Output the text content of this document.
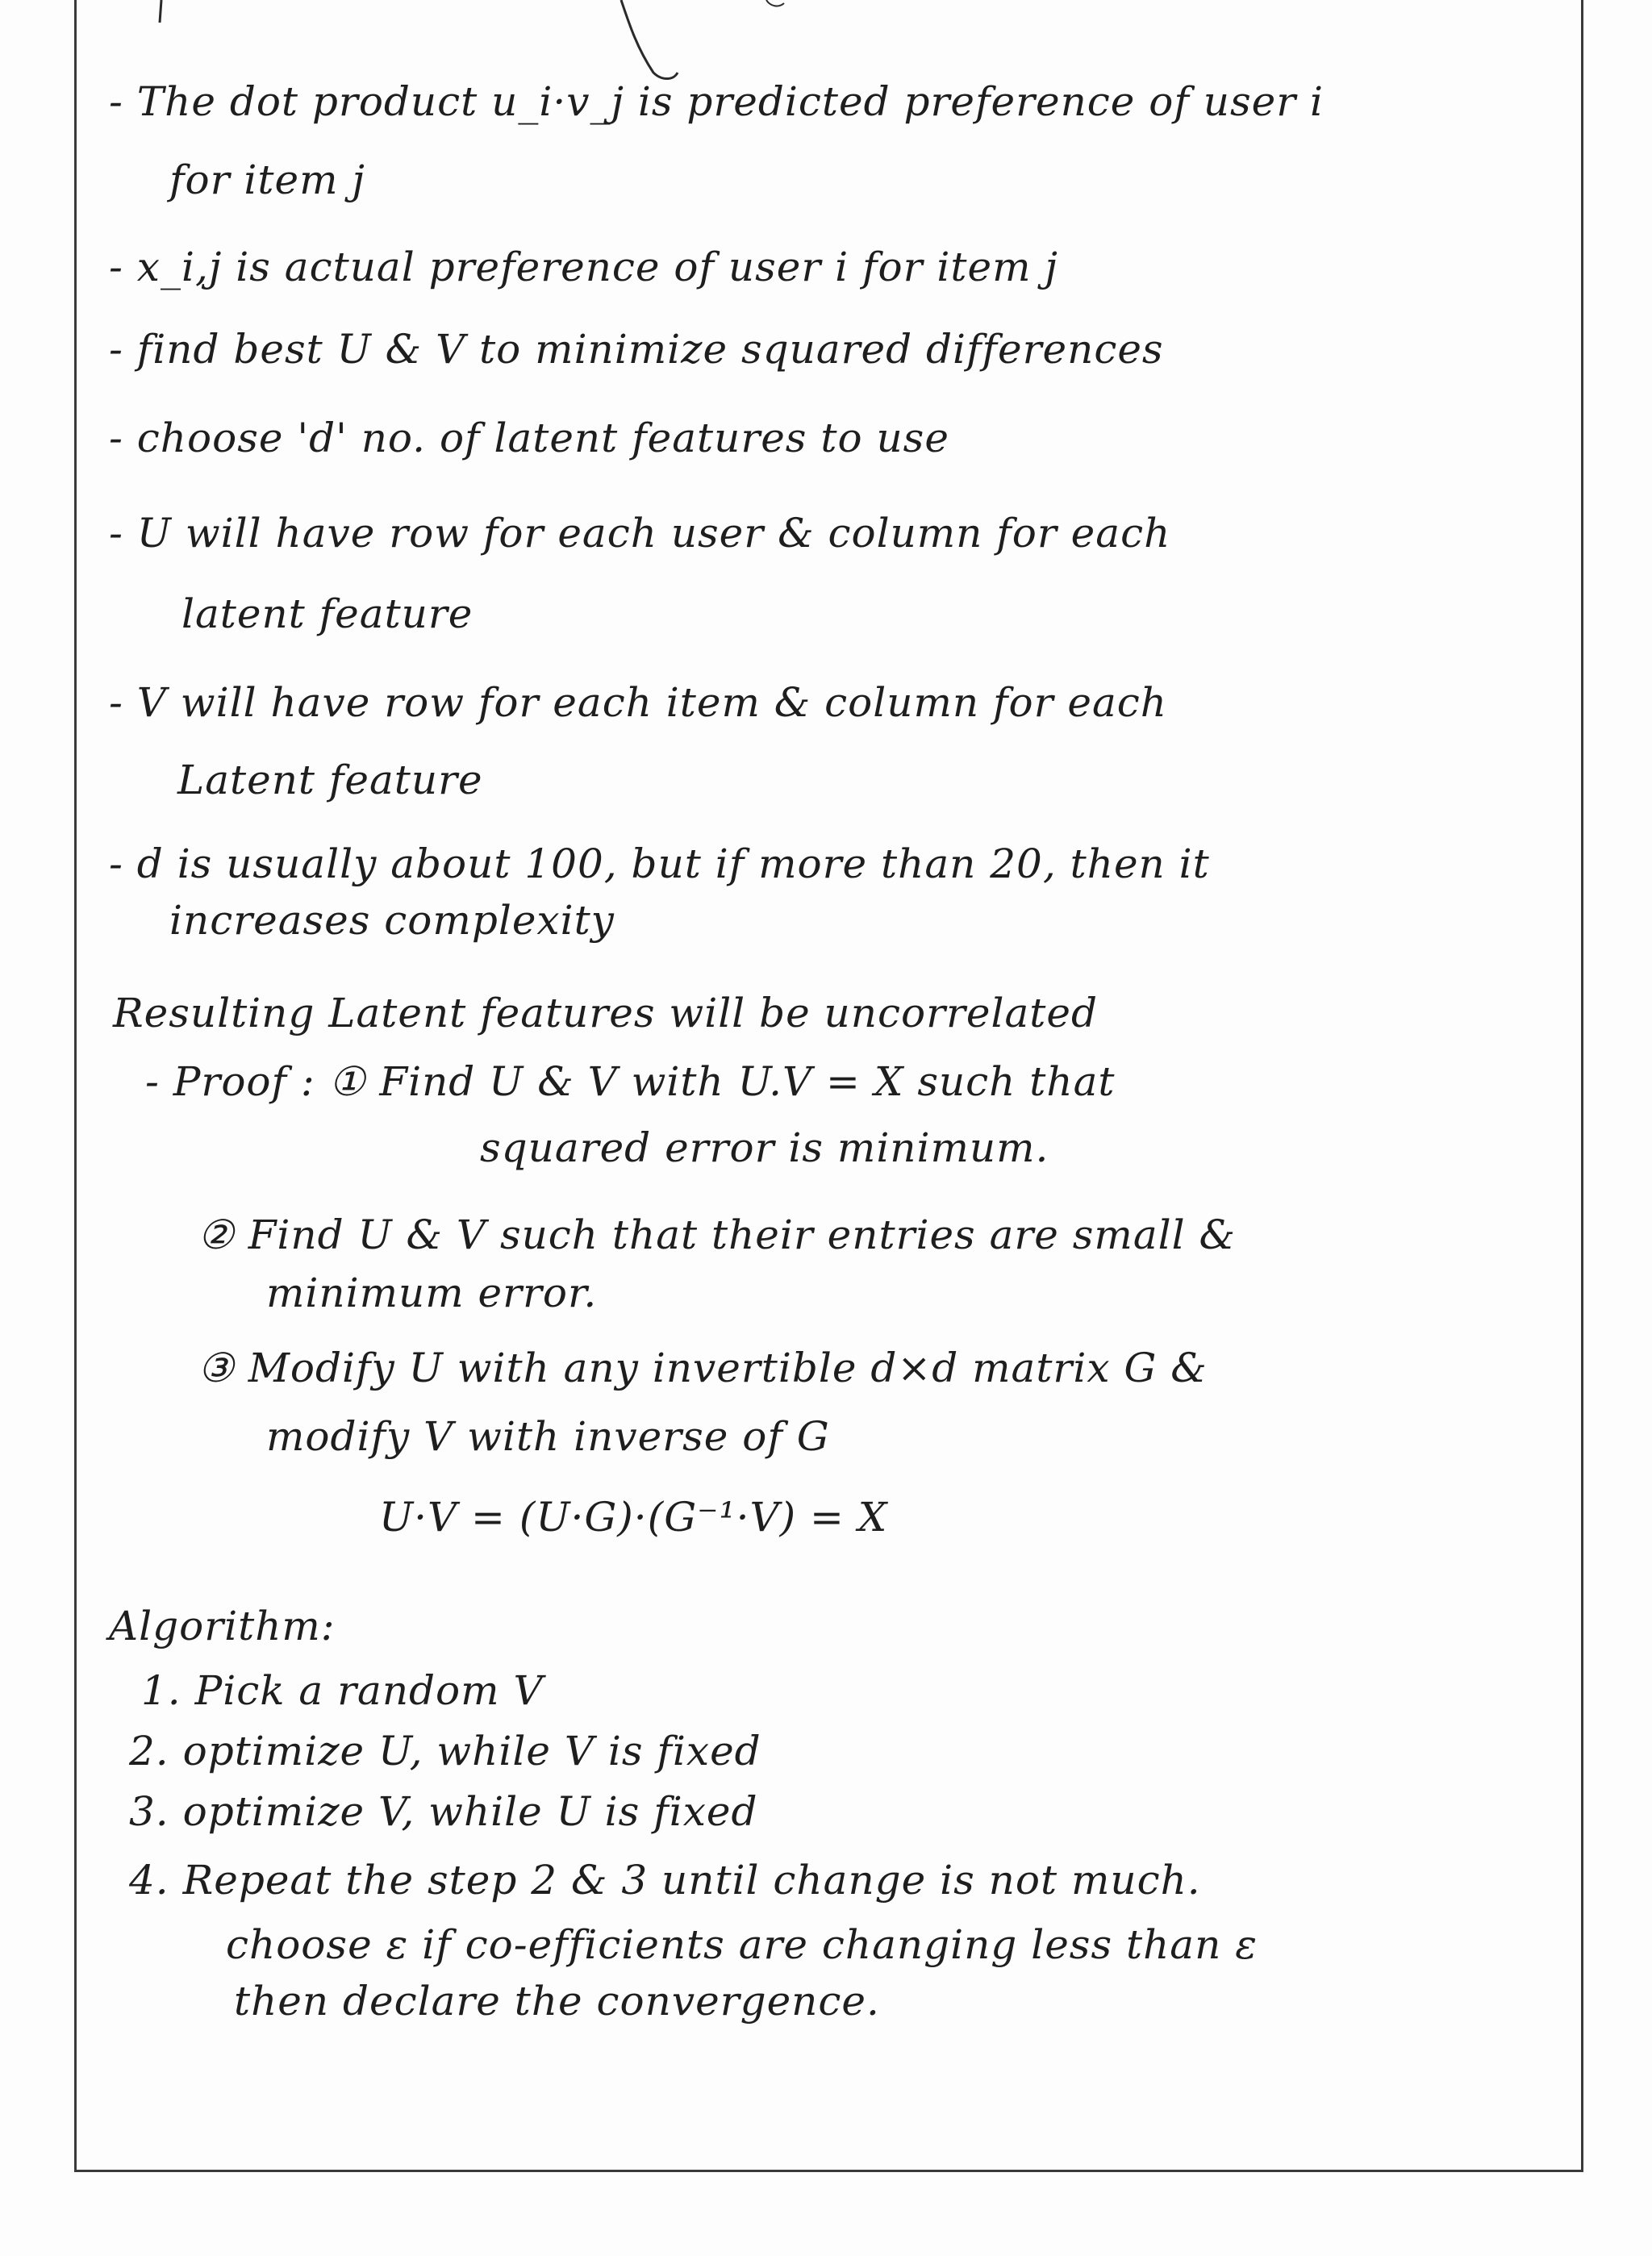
- The dot product u_i·v_j is predicted preference of user i
for item j
- x_i,j is actual preference of user i for item j
- find best U & V to minimize squared differences
- choose 'd' no. of latent features to use
- U will have row for each user & column for each
latent feature
- V will have row for each item & column for each
Latent feature
- d is usually about 100, but if more than 20, then it
increases complexity
Resulting Latent features will be uncorrelated
- Proof : ① Find U & V with U.V = X such that
squared error is minimum.
② Find U & V such that their entries are small &
minimum error.
③ Modify U with any invertible d×d matrix G &
modify V with inverse of G
U·V = (U·G)·(G⁻¹·V) = X
Algorithm:
1. Pick a random V
2. optimize U, while V is fixed
3. optimize V, while U is fixed
4. Repeat the step 2 & 3 until change is not much.
choose ε if co-efficients are changing less than ε
then declare the convergence.
